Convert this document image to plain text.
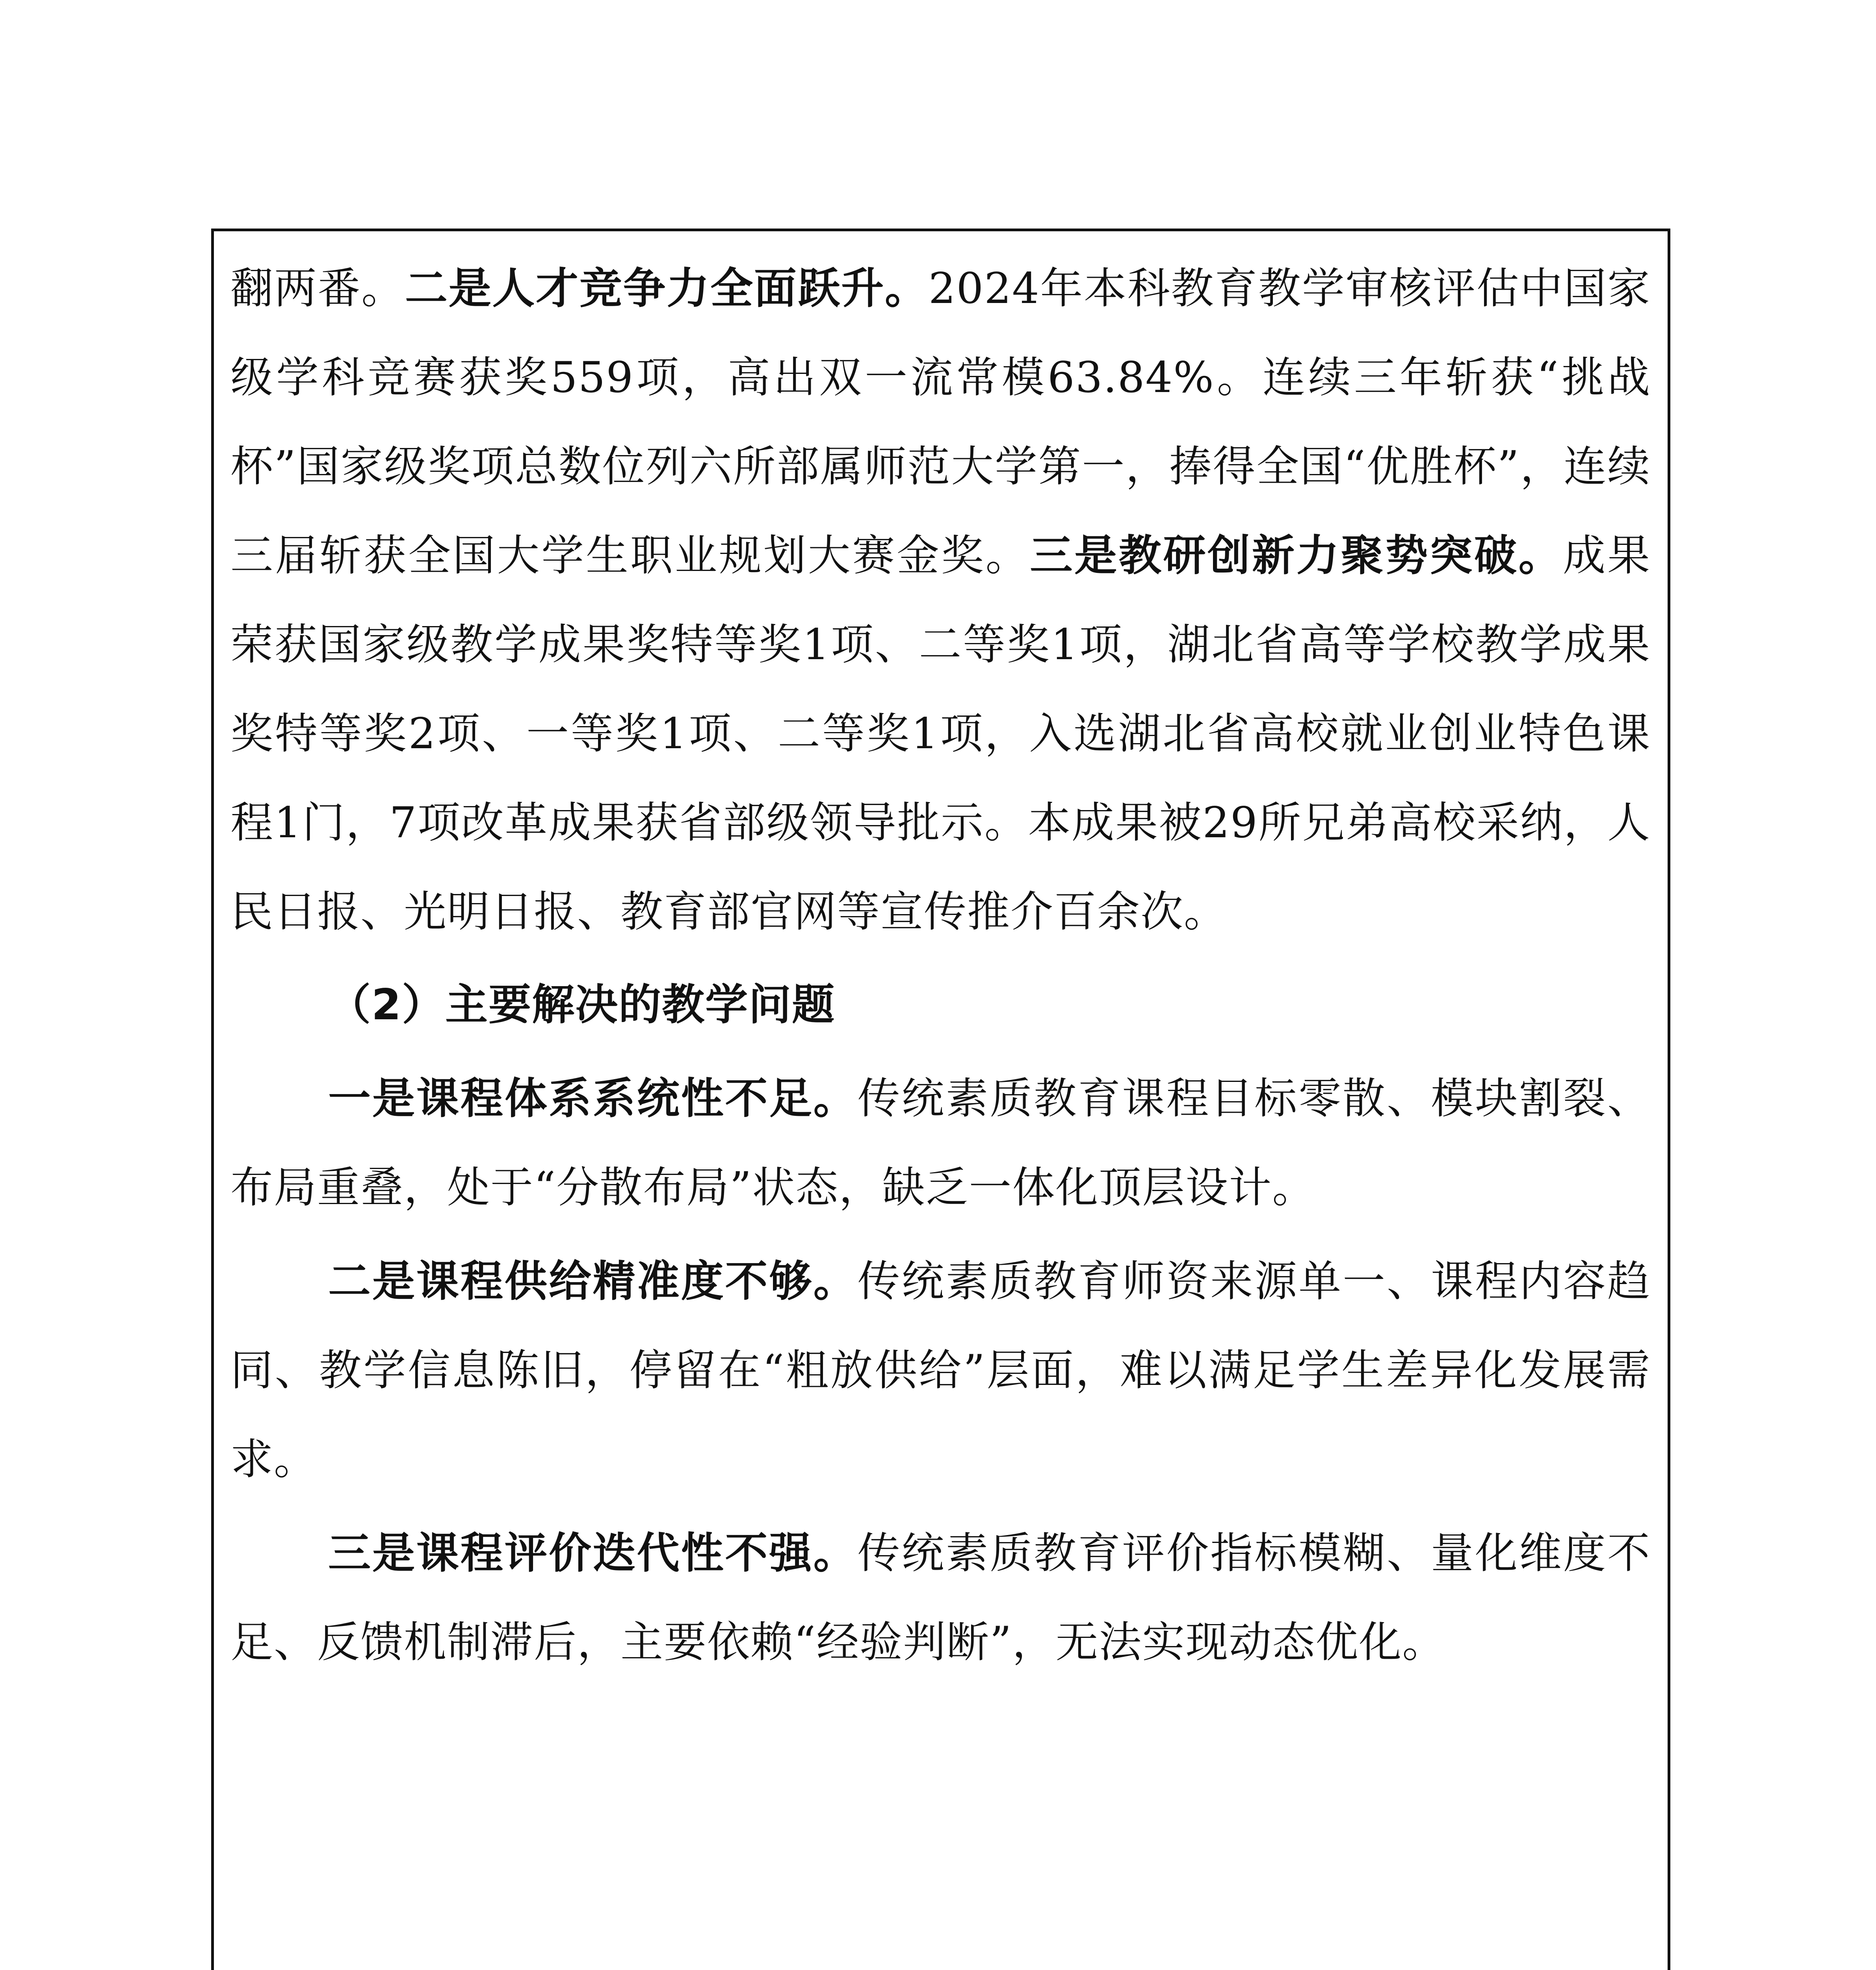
翻两番。二是人才竞争力全面跃升。2024年本科教育教学审核评估中国家级学科竞赛获奖559项，高出双一流常模63.84%。连续三年斩获“挑战杯”国家级奖项总数位列六所部属师范大学第一，捧得全国“优胜杯”，连续三届斩获全国大学生职业规划大赛金奖。三是教研创新力聚势突破。成果荣获国家级教学成果奖特等奖1项、二等奖1项，湖北省高等学校教学成果奖特等奖2项、一等奖1项、二等奖1项，入选湖北省高校就业创业特色课程1门，7项改革成果获省部级领导批示。本成果被29所兄弟高校采纳，人民日报、光明日报、教育部官网等宣传推介百余次。

（2）主要解决的教学问题

一是课程体系系统性不足。传统素质教育课程目标零散、模块割裂、布局重叠，处于“分散布局”状态，缺乏一体化顶层设计。

二是课程供给精准度不够。传统素质教育师资来源单一、课程内容趋同、教学信息陈旧，停留在“粗放供给”层面，难以满足学生差异化发展需求。

三是课程评价迭代性不强。传统素质教育评价指标模糊、量化维度不足、反馈机制滞后，主要依赖“经验判断”，无法实现动态优化。
